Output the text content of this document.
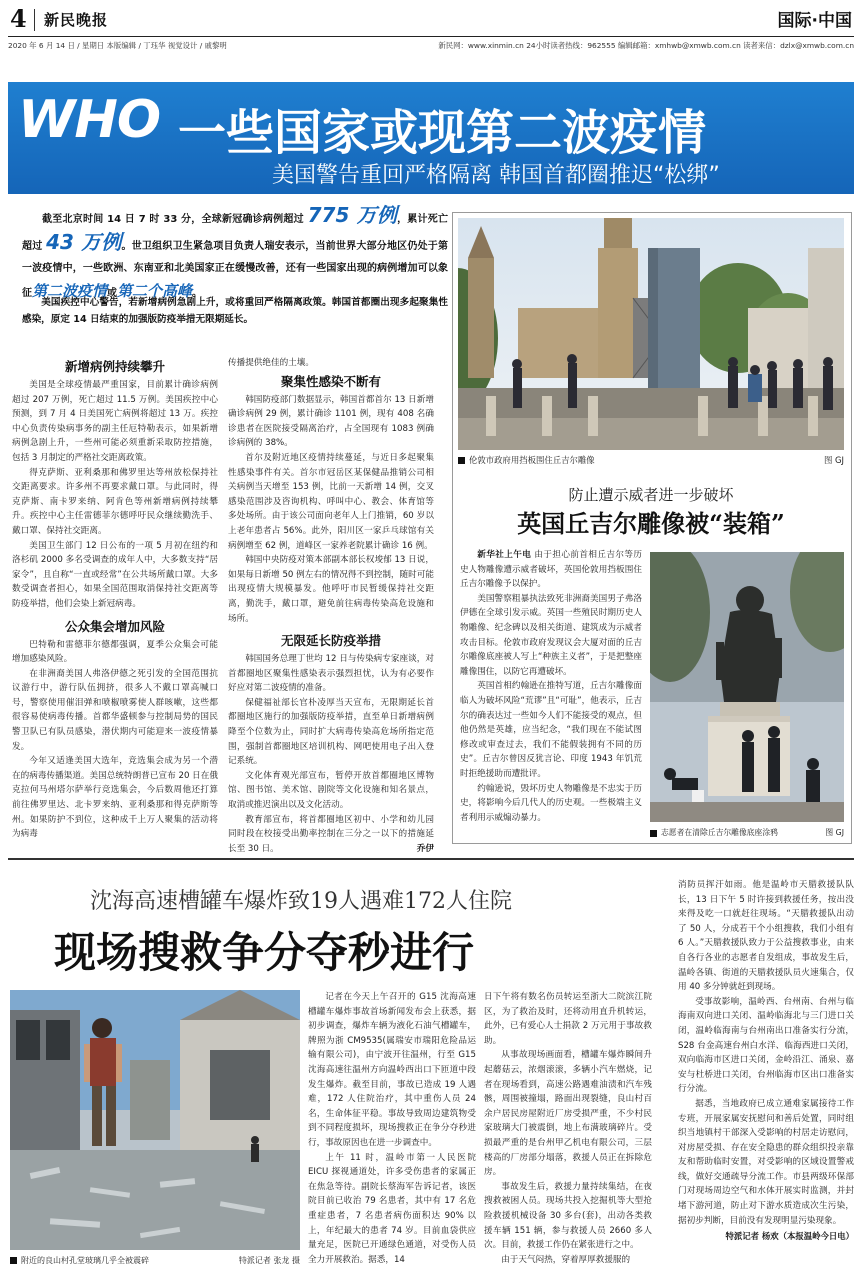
4 新民晚报	国际·中国
2020 年 6 月 14 日 / 星期日 本版编辑 / 丁珏华 视觉设计 / 戚黎明	新民网：www.xinmin.cn 24小时读者热线：962555 编辑邮箱：xmhwb@xmwb.com.cn 读者来信：dzlx@xmwb.com.cn
WHO 一些国家或现第二波疫情
美国警告重回严格隔离 韩国首都圈推迟“松绑”
截至北京时间 14 日 7 时 33 分，全球新冠确诊病例超过 775 万例，累计死亡超过 43 万例。世卫组织卫生紧急项目负责人瑞安表示，当前世界大部分地区仍处于第一波疫情中，一些欧洲、东南亚和北美国家正在缓慢改善，还有一些国家出现的病例增加可以象征第二波疫情或第二个高峰。
美国疾控中心警告，若新增病例急剧上升，或将重回严格隔离政策。韩国首都圈出现多起聚集性感染，原定 14 日结束的加强版防疫举措无限期延长。
新增病例持续攀升

美国是全球疫情最严重国家，目前累计确诊病例超过 207 万例，死亡超过 11.5 万例。美国疾控中心预测，到 7 月 4 日美国死亡病例将超过 13 万。疾控中心负责传染病事务的副主任厄特勒表示，如果新增病例急剧上升，一些州可能必须重新采取防控措施，包括 3 月制定的严格社交距离政策。

得克萨斯、亚利桑那和佛罗里达等州放松保持社交距离要求。许多州不再要求戴口罩。与此同时，得克萨斯、南卡罗来纳、阿肯色等州新增病例持续攀升。疾控中心主任雷德菲尔德呼吁民众继续勤洗手、戴口罩、保持社交距离。

美国卫生部门 12 日公布的一项 5 月初在纽约和洛杉矶 2000 多名受调查的成年人中，大多数支持“居家令”，且自称“一直或经常”在公共场所戴口罩。大多数受调查者担心，如果全国范围取消保持社交距离等防疫举措，他们会染上新冠病毒。

公众集会增加风险

巴特勒和雷德菲尔德都强调，夏季公众集会可能增加感染风险。

在非洲裔美国人弗洛伊德之死引发的全国范围抗议游行中，游行队伍拥挤，很多人不戴口罩高喊口号，警察使用催泪弹和喷椒喷雾使人群咳嗽，这些都很容易使病毒传播。首都华盛顿参与控制局势的国民警卫队已有队员感染，潜伏期内可能迎来一波疫情暴发。

今年又适逢美国大选年，竞选集会成为另一个潜在的病毒传播渠道。美国总统特朗普已宣布 20 日在俄克拉何马州塔尔萨举行竞选集会，今后数周他还打算前往佛罗里达、北卡罗来纳、亚利桑那和得克萨斯等州。如果防护不到位，这种成千上万人聚集的活动将为病毒

传播提供绝佳的土壤。

聚集性感染不断有

韩国防疫部门数据显示，韩国首都首尔 13 日新增确诊病例 29 例，累计确诊 1101 例，现有 408 名确诊患者在医院接受隔离治疗，占全国现有 1083 例确诊病例的 38%。

首尔及附近地区疫情持续蔓延，与近日多起聚集性感染事件有关。首尔市冠岳区某保健品推销公司相关病例当天增至 153 例，比前一天新增 14 例，交叉感染范围涉及咨询机构、呼叫中心、教会、体育馆等多处场所。由于该公司面向老年人上门推销，60 岁以上老年患者占 56%。此外，阳川区一家乒乓球馆有关病例增至 62 例，道峰区一家养老院累计确诊 16 例。

韩国中央防疫对策本部副本部长权埈郁 13 日说，如果每日新增 50 例左右的情况得不到控制，随时可能出现疫情大规模暴发。他呼吁市民暂缓保持社交距离，勤洗手，戴口罩，避免前往病毒传染高危设施和场所。

无限延长防疫举措

韩国国务总理丁世均 12 日与传染病专家座谈，对首都圈地区聚集性感染表示强烈担忧，认为有必要作好应对第二波疫情的准备。

保健福祉部长官朴凌厚当天宣布，无限期延长首都圈地区施行的加强版防疫举措，直至单日新增病例降至个位数为止，同时扩大病毒传染高危场所指定范围，强制首都圈地区培训机构、网吧使用电子出入登记系统。

文化体育观光部宣布，暂停开放首都圈地区博物馆、图书馆、美术馆、剧院等文化设施和知名景点，取消或推迟演出以及文化活动。

教育部宣布，将首都圈地区初中、小学和幼儿园同时段在校接受出勤率控制在三分之一以下的措施延长至 30 日。	乔伊
伦敦市政府用挡板围住丘吉尔雕像	图 GJ
防止遭示威者进一步破坏
英国丘吉尔雕像被“装箱”

新华社上午电 由于担心前首相丘吉尔等历史人物雕像遭示威者破坏，英国伦敦用挡板围住丘吉尔雕像予以保护。

美国警察粗暴执法致死非洲裔美国男子弗洛伊德在全球引发示威。英国一些殖民时期历史人物雕像、纪念碑以及相关街道、建筑成为示威者攻击目标。伦敦市政府发现议会大厦对面的丘吉尔雕像底座被人写上“种族主义者”，于是把整座雕像围住，以防它再遭破坏。

英国首相约翰逊在推特写道，丘吉尔雕像面临人为破坏风险“荒谬”且“可耻”，他表示，丘吉尔的确表达过一些如今人们不能接受的观点，但他仍然是英雄，应当纪念，“我们现在不能试图修改或审查过去，我们不能假装拥有不同的历史”。丘吉尔曾因反犹言论、印度 1943 年饥荒时拒绝援助而遭批评。

约翰逊说，毁坏历史人物雕像是不忠实于历史，将影响今后几代人的历史观。一些极端主义者利用示威煽动暴力。

志愿者在清除丘吉尔雕像底座涂鸦	图 GJ
沈海高速槽罐车爆炸致19人遇难172人住院
现场搜救争分夺秒进行
附近的良山村孔堂玻璃几乎全被震碎	特派记者 张龙 摄

记者在今天上午召开的 G15 沈海高速槽罐车爆炸事故首场新闻发布会上获悉，据初步调查，爆炸车辆为液化石油气槽罐车，牌照为浙 CM9535(属瑞安市瑞阳危险品运输有限公司)，由宁波开往温州，行至 G15 沈海高速往温州方向温岭西出口下匝道中段发生爆炸。截至目前，事故已造成 19 人遇难，172 人住院治疗，其中重伤人员 24 名，生命体征平稳。事故导致周边建筑物受到不同程度损坏，现场搜救正在争分夺秒进行，事故原因也在进一步调查中。

上午 11 时，温岭市第一人民医院 EICU 探视通道处，许多受伤患者的家属正在焦急等待。副院长蔡海军告诉记者，该医院目前已收治 79 名患者，其中有 17 名危重症患者，7 名患者病伤面积达 90% 以上，年纪最大的患者 74 岁。目前血袋供应量充足，医院已开通绿色通道，对受伤人员全力开展救治。据悉，14

日下午将有数名伤员转运至浙大二院滨江院区，为了救治及时，还将动用直升机转运，此外，已有爱心人士捐款 2 万元用于事故救助。

从事故现场画面看，槽罐车爆炸瞬间升起蘑菇云，浓烟滚滚，多辆小汽车燃烧，记者在现场看到，高速公路遇难油渍和汽车残骸，周围被撞塌，路面出现裂缝，良山村百余户居民房屋附近厂房受损严重，不少村民家玻璃大门被震倒，地上布满玻璃碎片。受损最严重的是台州甲乙机电有限公司，三层楼高的厂房部分塌落，救援人员正在拆除危房。

事故发生后，救援力量持续集结，在夜搜救被困人员。现场共投入挖掘机等大型抢险救援机械设备 30 多台(套)，出动各类救援车辆 151 辆，参与救援人员 2660 多人次。目前，救援工作仍在紧张进行之中。

由于天气闷热，穿着厚厚救援服的

消防员挥汗如雨。他是温岭市天腊救援队队长，13 日下午 5 时许接到救援任务，按出没来得及吃一口就赶往现场。“天腊救援队出动了 50 人，分成若干个小组搜救，我们小组有 6 人。”天腊救援队致力于公益搜救事业，由来自各行各业的志愿者自发组成，事故发生后，温岭各镇、街道的天腊救援队员火速集合，仅用 40 多分钟就赶到现场。

受事故影响，温岭西、台州南、台州与临海南双向进口关闭、温岭临海北与三门进口关闭，温岭临海南与台州南出口准备实行分流，S28 台金高速台州白水洋、临海西进口关闭，双向临海市区进口关闭，金岭沿江、涌泉、嘉安与杜桥进口关闭，台州临海市区出口准备实行分流。

据悉，当地政府已成立通难家属接待工作专班，开展家属安抚慰问和善后处置，同时组织当地镇村干部深入受影响的村居走访慰问，对房屋受损、存在安全隐患的群众组织投亲靠友和帮助临时安置，对受影响的区域设置警戒线，做好交通疏导分流工作。市县两级环保部门对现场周边空气和水体开展实时监测，并封堵下游河道，防止对下游水质造成次生污染，据初步判断，目前没有发现明显污染现象。

特派记者 杨欢（本报温岭今日电）
